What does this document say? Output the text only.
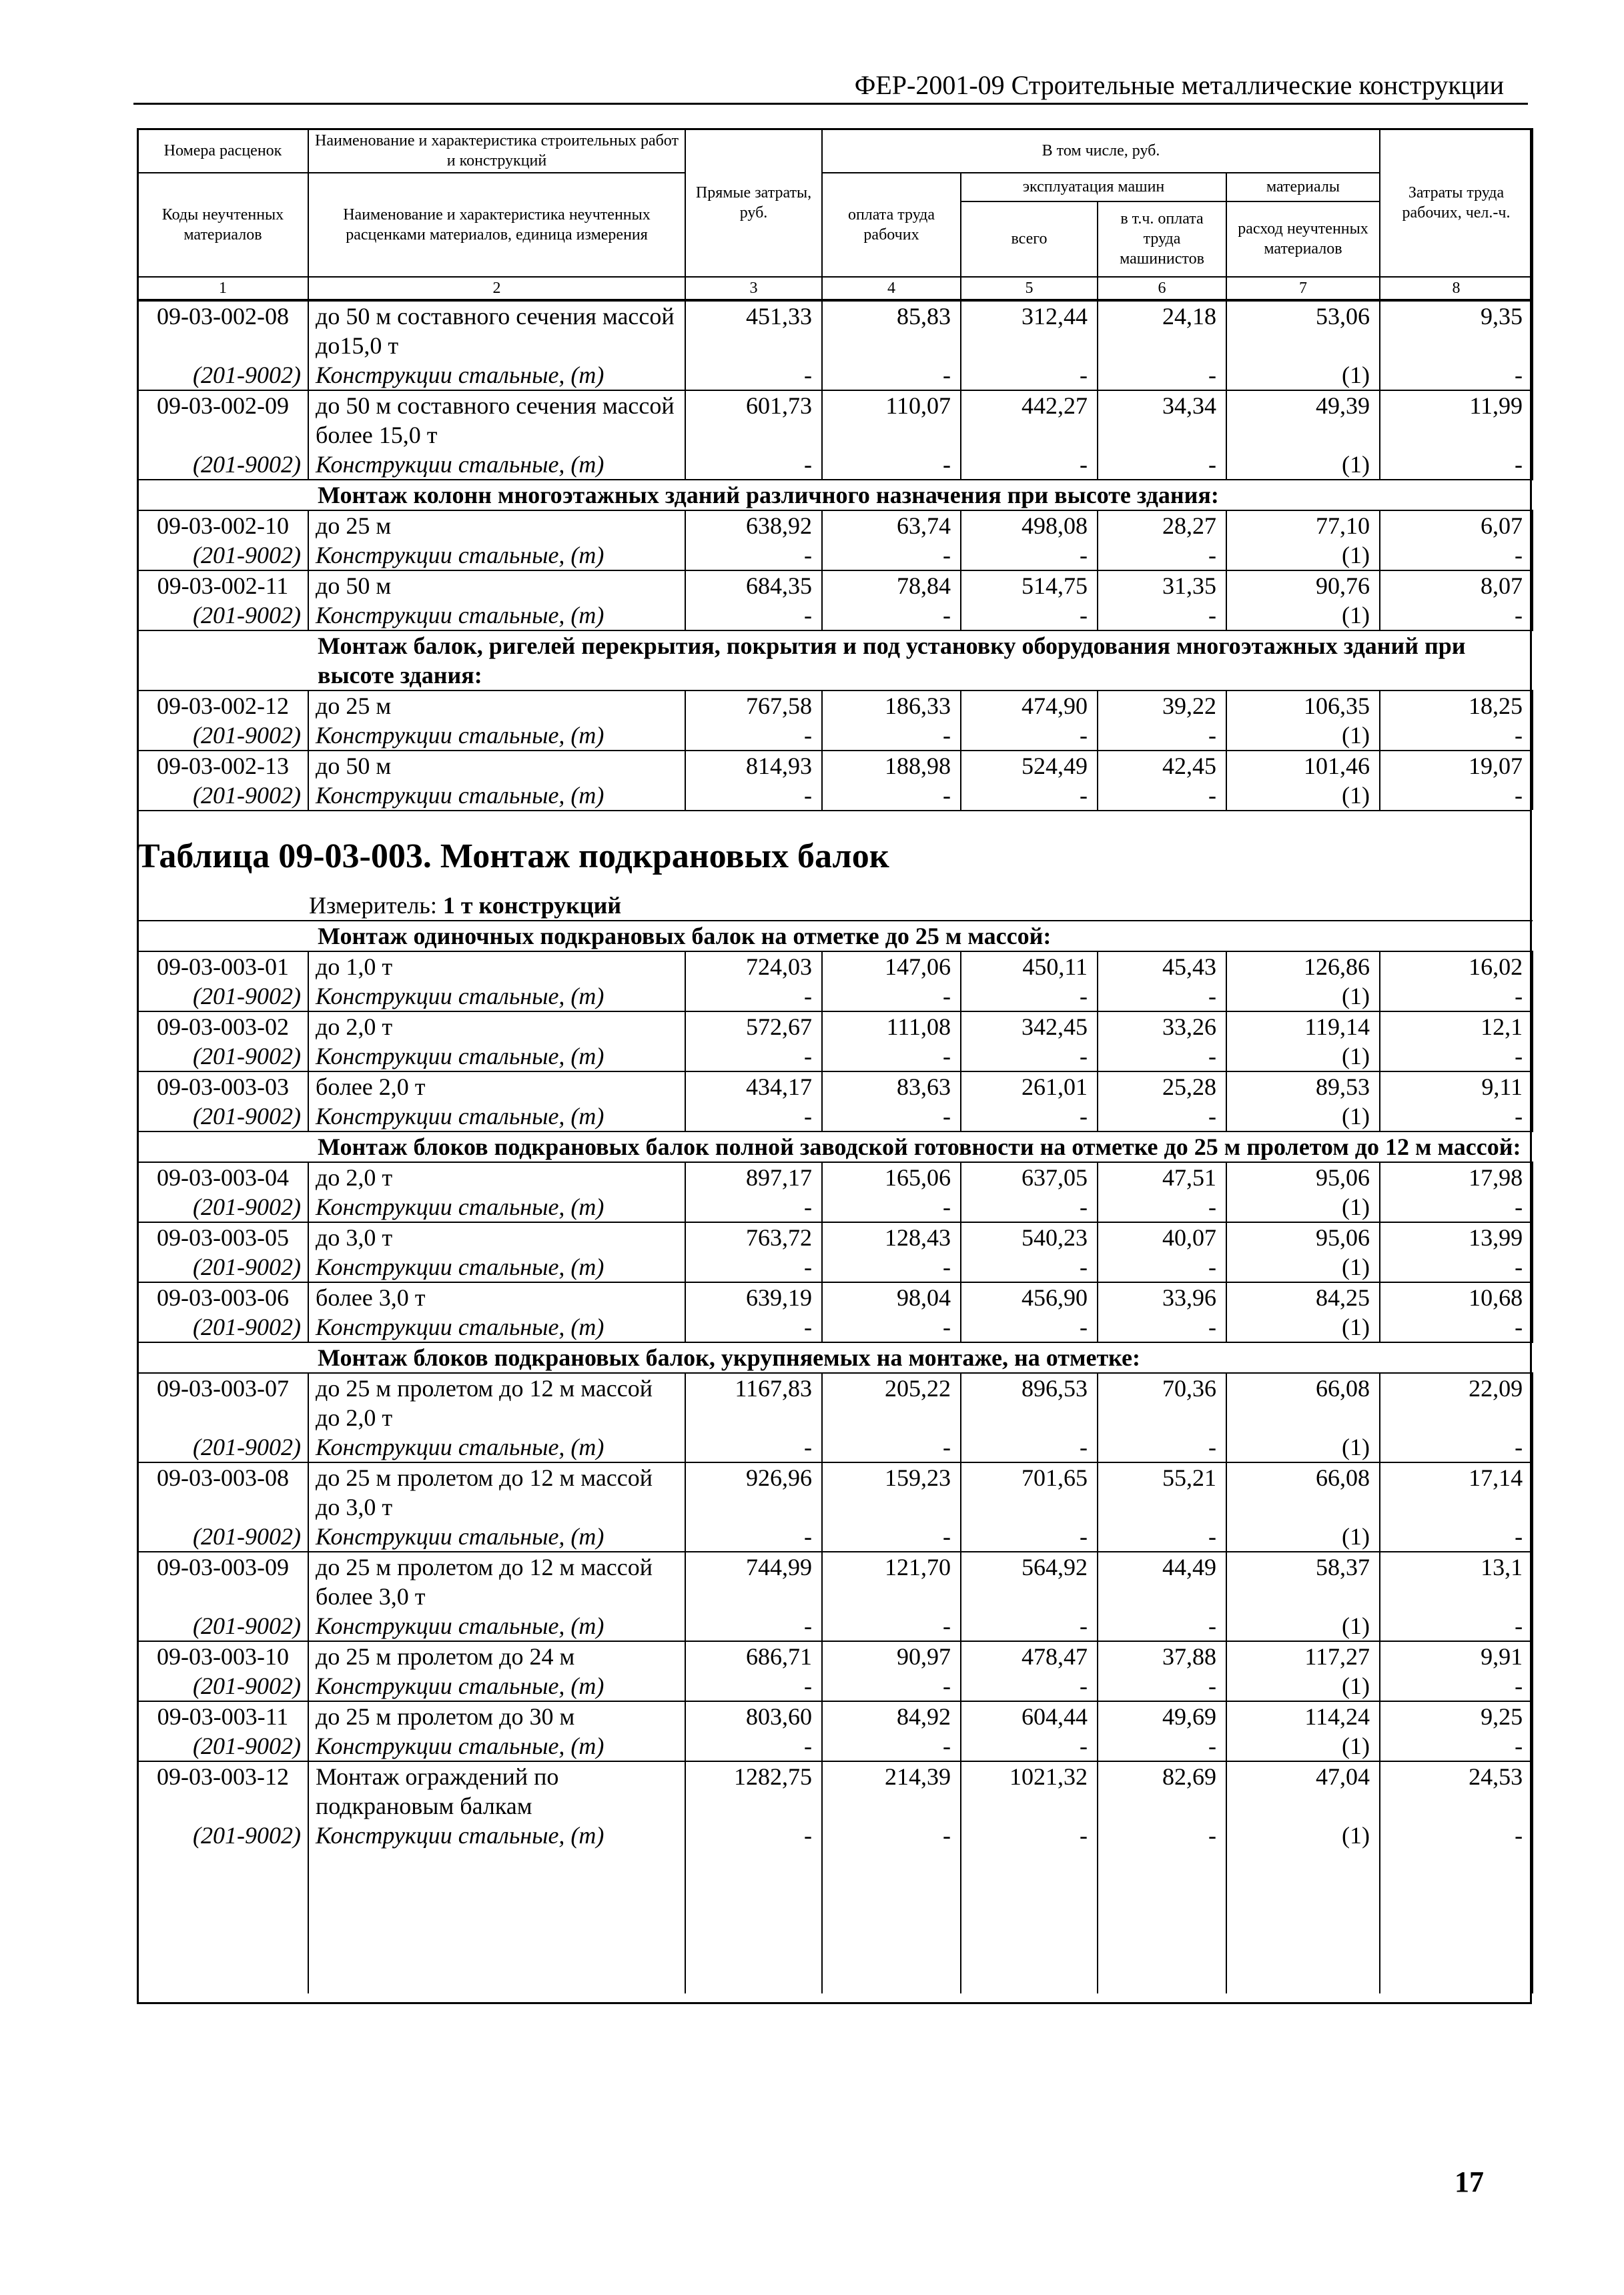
ФЕР-2001-09 Строительные металлические конструкции
Номера расценок	Наименование и характеристика строительных работ и конструкций	Прямые затраты, руб.	В том числе, руб.				Затраты труда рабочих, чел.-ч.
Коды неучтенных материалов	Наименование и характеристика неучтенных расценками материалов, единица измерения		оплата труда рабочих	эксплуатация машин		материалы	
				всего	в т.ч. оплата труда машинистов	расход неучтенных материалов	
1	2	3	4	5	6	7	8
09-03-002-08	до 50 м составного сечения массой до15,0 т	451,33	85,83	312,44	24,18	53,06	9,35
(201-9002)	Конструкции стальные, (т)	-	-	-	-	(1)	-
09-03-002-09	до 50 м составного сечения массой более 15,0 т	601,73	110,07	442,27	34,34	49,39	11,99
(201-9002)	Конструкции стальные, (т)	-	-	-	-	(1)	-
	Монтаж колонн многоэтажных зданий различного назначения при высоте здания:						
09-03-002-10	до 25 м	638,92	63,74	498,08	28,27	77,10	6,07
(201-9002)	Конструкции стальные, (т)	-	-	-	-	(1)	-
09-03-002-11	до 50 м	684,35	78,84	514,75	31,35	90,76	8,07
(201-9002)	Конструкции стальные, (т)	-	-	-	-	(1)	-
	Монтаж балок, ригелей перекрытия, покрытия и под установку оборудования многоэтажных зданий при высоте здания:						
09-03-002-12	до 25 м	767,58	186,33	474,90	39,22	106,35	18,25
(201-9002)	Конструкции стальные, (т)	-	-	-	-	(1)	-
09-03-002-13	до 50 м	814,93	188,98	524,49	42,45	101,46	19,07
(201-9002)	Конструкции стальные, (т)	-	-	-	-	(1)	-
Таблица 09-03-003. Монтаж подкрановых балок
Измеритель: 1 т конструкций
	Монтаж одиночных подкрановых балок на отметке до 25 м массой:						
09-03-003-01	до 1,0 т	724,03	147,06	450,11	45,43	126,86	16,02
(201-9002)	Конструкции стальные, (т)	-	-	-	-	(1)	-
09-03-003-02	до 2,0 т	572,67	111,08	342,45	33,26	119,14	12,1
(201-9002)	Конструкции стальные, (т)	-	-	-	-	(1)	-
09-03-003-03	более 2,0 т	434,17	83,63	261,01	25,28	89,53	9,11
(201-9002)	Конструкции стальные, (т)	-	-	-	-	(1)	-
	Монтаж блоков подкрановых балок полной заводской готовности на отметке до 25 м пролетом до 12 м массой:						
09-03-003-04	до 2,0 т	897,17	165,06	637,05	47,51	95,06	17,98
(201-9002)	Конструкции стальные, (т)	-	-	-	-	(1)	-
09-03-003-05	до 3,0 т	763,72	128,43	540,23	40,07	95,06	13,99
(201-9002)	Конструкции стальные, (т)	-	-	-	-	(1)	-
09-03-003-06	более 3,0 т	639,19	98,04	456,90	33,96	84,25	10,68
(201-9002)	Конструкции стальные, (т)	-	-	-	-	(1)	-
	Монтаж блоков подкрановых балок, укрупняемых на монтаже, на отметке:						
09-03-003-07	до 25 м пролетом до 12 м массой до 2,0 т	1167,83	205,22	896,53	70,36	66,08	22,09
(201-9002)	Конструкции стальные, (т)	-	-	-	-	(1)	-
09-03-003-08	до 25 м пролетом до 12 м массой до 3,0 т	926,96	159,23	701,65	55,21	66,08	17,14
(201-9002)	Конструкции стальные, (т)	-	-	-	-	(1)	-
09-03-003-09	до 25 м пролетом до 12 м массой более 3,0 т	744,99	121,70	564,92	44,49	58,37	13,1
(201-9002)	Конструкции стальные, (т)	-	-	-	-	(1)	-
09-03-003-10	до 25 м пролетом до 24 м	686,71	90,97	478,47	37,88	117,27	9,91
(201-9002)	Конструкции стальные, (т)	-	-	-	-	(1)	-
09-03-003-11	до 25 м пролетом до 30 м	803,60	84,92	604,44	49,69	114,24	9,25
(201-9002)	Конструкции стальные, (т)	-	-	-	-	(1)	-
09-03-003-12	Монтаж ограждений по подкрановым балкам	1282,75	214,39	1021,32	82,69	47,04	24,53
(201-9002)	Конструкции стальные, (т)	-	-	-	-	(1)	-

17
